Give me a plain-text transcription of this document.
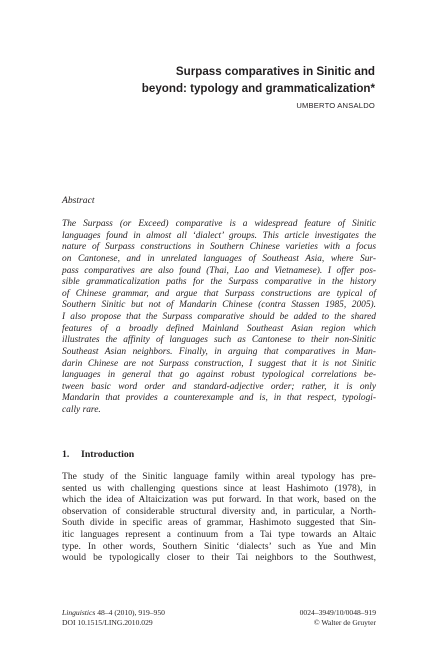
Surpass comparatives in Sinitic and
beyond: typology and grammaticalization*
UMBERTO ANSALDO
Abstract
The Surpass (or Exceed) comparative is a widespread feature of Sinitic
languages found in almost all ‘dialect’ groups. This article investigates the
nature of Surpass constructions in Southern Chinese varieties with a focus
on Cantonese, and in unrelated languages of Southeast Asia, where Sur-
pass comparatives are also found (Thai, Lao and Vietnamese). I offer pos-
sible grammaticalization paths for the Surpass comparative in the history
of Chinese grammar, and argue that Surpass constructions are typical of
Southern Sinitic but not of Mandarin Chinese (contra Stassen 1985, 2005).
I also propose that the Surpass comparative should be added to the shared
features of a broadly defined Mainland Southeast Asian region which
illustrates the affinity of languages such as Cantonese to their non-Sinitic
Southeast Asian neighbors. Finally, in arguing that comparatives in Man-
darin Chinese are not Surpass construction, I suggest that it is not Sinitic
languages in general that go against robust typological correlations be-
tween basic word order and standard-adjective order; rather, it is only
Mandarin that provides a counterexample and is, in that respect, typologi-
cally rare.
1. Introduction
The study of the Sinitic language family within areal typology has pre-
sented us with challenging questions since at least Hashimoto (1978), in
which the idea of Altaicization was put forward. In that work, based on the
observation of considerable structural diversity and, in particular, a North-
South divide in specific areas of grammar, Hashimoto suggested that Sin-
itic languages represent a continuum from a Tai type towards an Altaic
type. In other words, Southern Sinitic ‘dialects’ such as Yue and Min
would be typologically closer to their Tai neighbors to the Southwest,
Linguistics 48–4 (2010), 919–950	0024–3949/10/0048–919
DOI 10.1515/LING.2010.029	© Walter de Gruyter
